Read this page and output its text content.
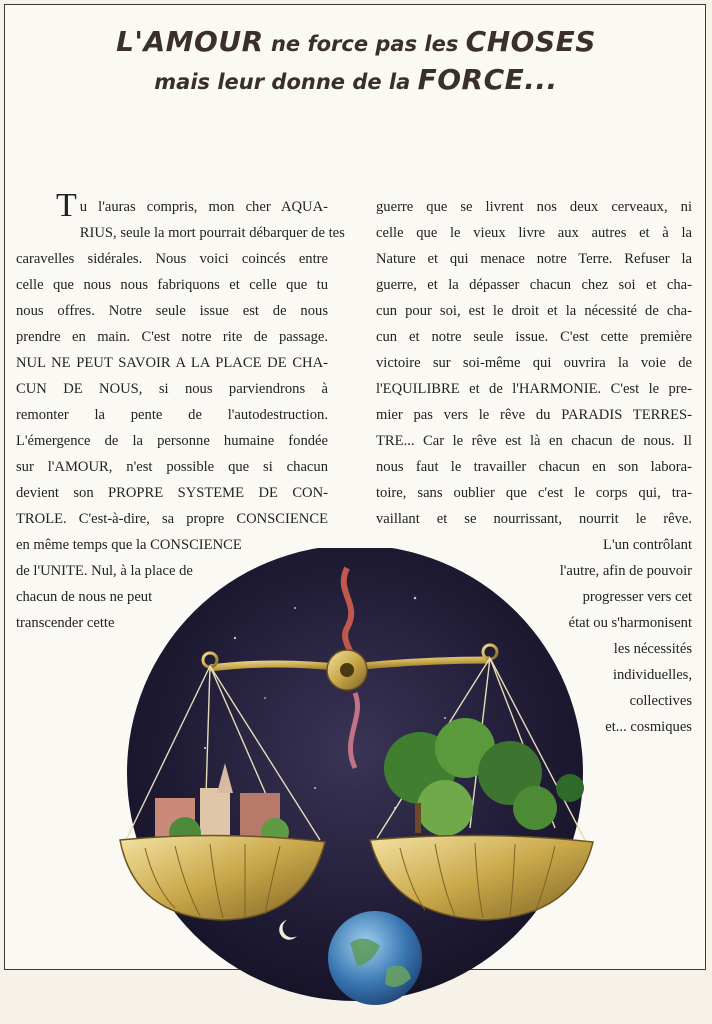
L'AMOUR ne force pas les CHOSES
mais leur donne de la FORCE...
Tu l'auras compris, mon cher AQUA-
RIUS, seule la mort pourrait débarquer de tes
caravelles sidérales. Nous voici coincés entre
celle que nous nous fabriquons et celle que tu
nous offres. Notre seule issue est de nous
prendre en main. C'est notre rite de passage.
NUL NE PEUT SAVOIR A LA PLACE DE CHA-
CUN DE NOUS, si nous parviendrons à
remonter la pente de l'autodestruction.
L'émergence de la personne humaine fondée
sur l'AMOUR, n'est possible que si chacun
devient son PROPRE SYSTEME DE CON-
TROLE. C'est-à-dire, sa propre CONSCIENCE
en même temps que la CONSCIENCE
de l'UNITE. Nul, à la place de
chacun de nous ne peut
transcender cette
guerre que se livrent nos deux cerveaux, ni
celle que le vieux livre aux autres et à la
Nature et qui menace notre Terre. Refuser la
guerre, et la dépasser chacun chez soi et cha-
cun pour soi, est le droit et la nécessité de cha-
cun et notre seule issue. C'est cette première
victoire sur soi-même qui ouvrira la voie de
l'EQUILIBRE et de l'HARMONIE. C'est le pre-
mier pas vers le rêve du PARADIS TERRES-
TRE... Car le rêve est là en chacun de nous. Il
nous faut le travailler chacun en son labora-
toire, sans oublier que c'est le corps qui, tra-
vaillant et se nourrissant, nourrit le rêve.
L'un contrôlant
l'autre, afin de pouvoir
progresser vers cet
état ou s'harmonisent
les nécessités
individuelles,
collectives
et... cosmiques
